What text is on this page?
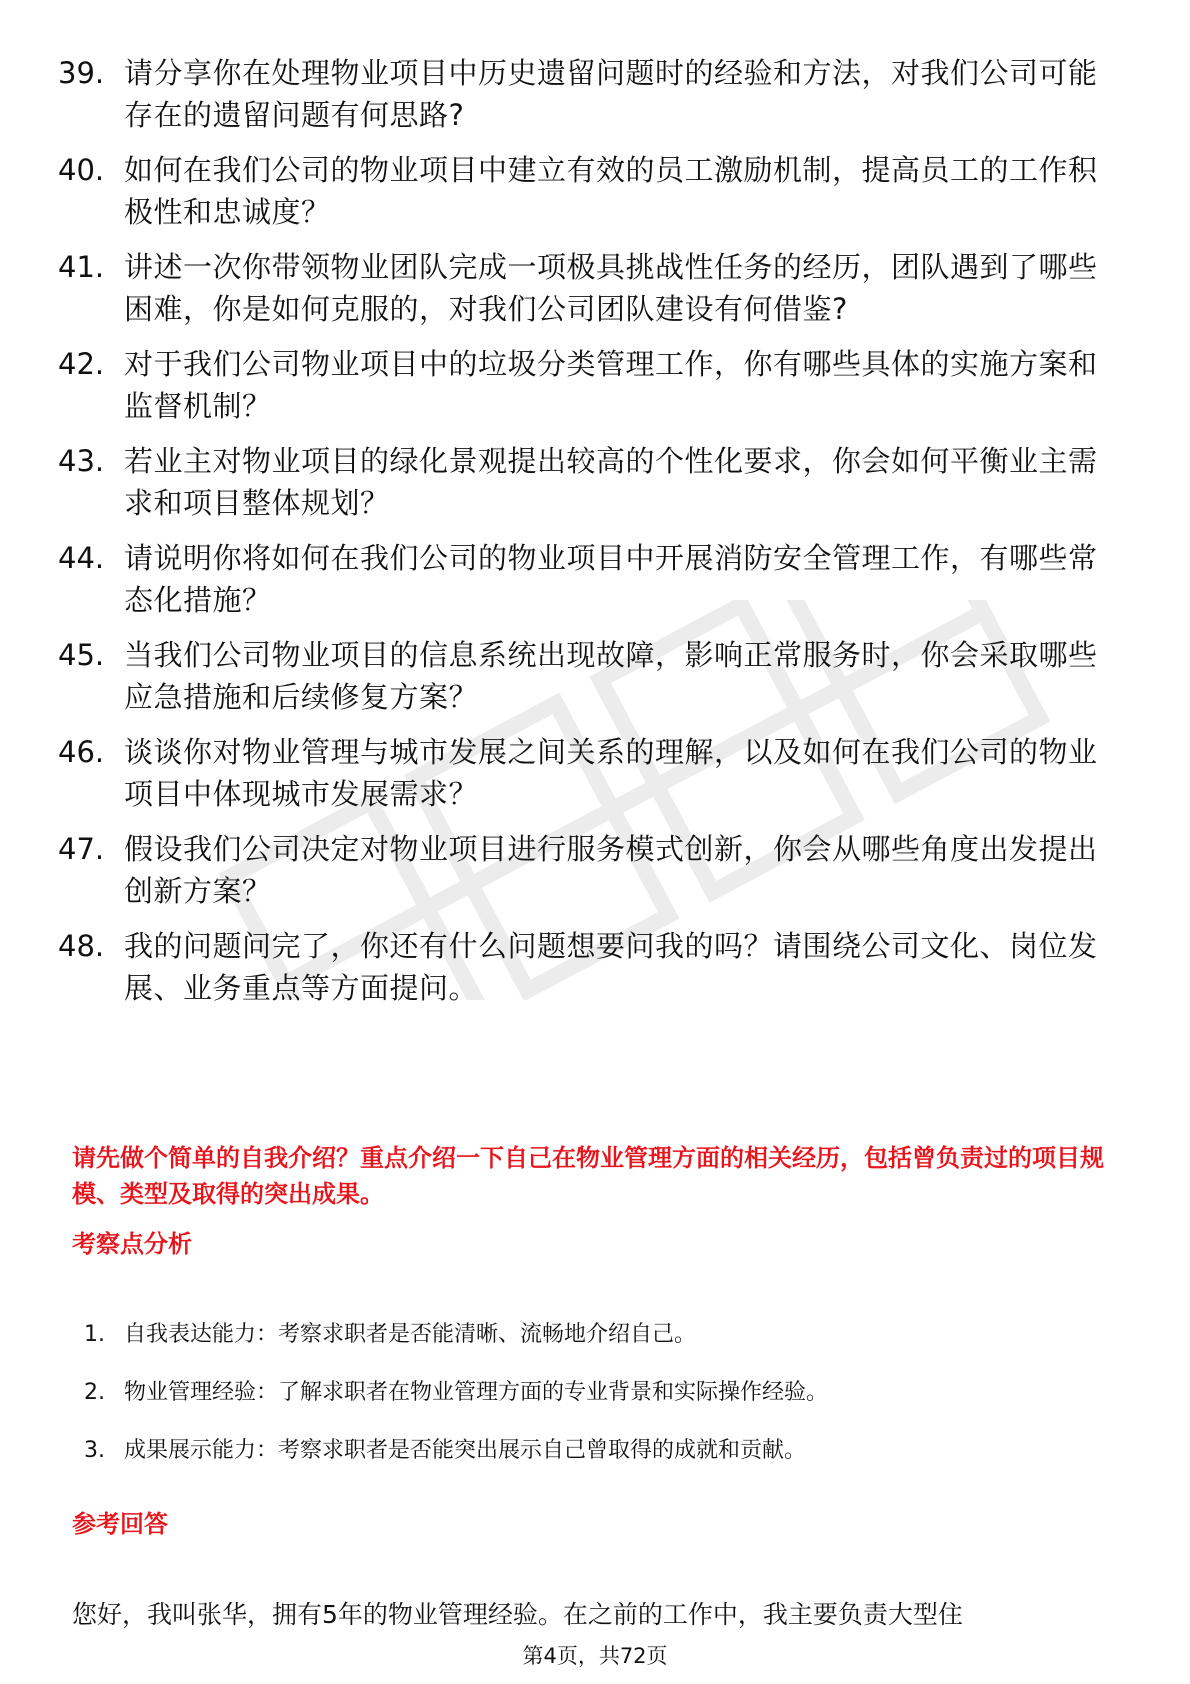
39. 请分享你在处理物业项目中历史遗留问题时的经验和方法，对我们公司可能存在的遗留问题有何思路?
40. 如何在我们公司的物业项目中建立有效的员工激励机制，提高员工的工作积极性和忠诚度？
41. 讲述一次你带领物业团队完成一项极具挑战性任务的经历，团队遇到了哪些困难，你是如何克服的，对我们公司团队建设有何借鉴?
42. 对于我们公司物业项目中的垃圾分类管理工作，你有哪些具体的实施方案和监督机制？
43. 若业主对物业项目的绿化景观提出较高的个性化要求，你会如何平衡业主需求和项目整体规划？
44. 请说明你将如何在我们公司的物业项目中开展消防安全管理工作，有哪些常态化措施？
45. 当我们公司物业项目的信息系统出现故障，影响正常服务时，你会采取哪些应急措施和后续修复方案？
46. 谈谈你对物业管理与城市发展之间关系的理解，以及如何在我们公司的物业项目中体现城市发展需求？
47. 假设我们公司决定对物业项目进行服务模式创新，你会从哪些角度出发提出创新方案？
48. 我的问题问完了，你还有什么问题想要问我的吗？请围绕公司文化、岗位发展、业务重点等方面提问。
请先做个简单的自我介绍？重点介绍一下自己在物业管理方面的相关经历，包括曾负责过的项目规模、类型及取得的突出成果。
考察点分析
1. 自我表达能力：考察求职者是否能清晰、流畅地介绍自己。
2. 物业管理经验：了解求职者在物业管理方面的专业背景和实际操作经验。
3. 成果展示能力：考察求职者是否能突出展示自己曾取得的成就和贡献。
参考回答
您好，我叫张华，拥有5年的物业管理经验。在之前的工作中，我主要负责大型住
第4页，共72页
